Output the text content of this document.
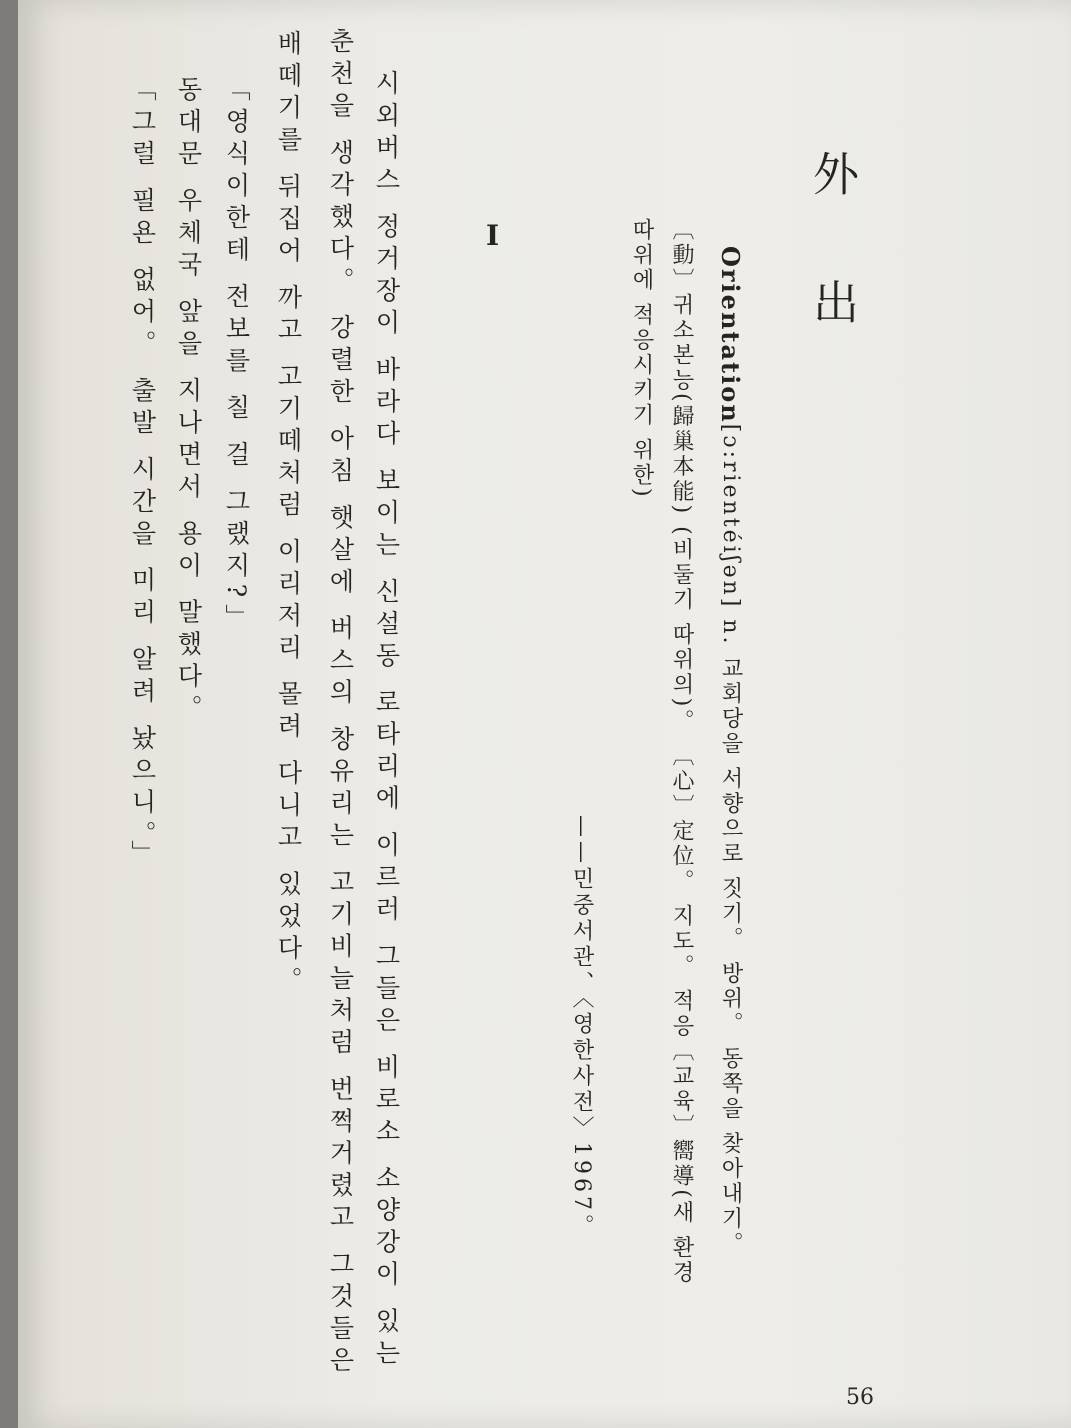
外 出
Orientation[ɔ:rientéiʃən] n. 교회당을 서향으로 짓기。 방위。 동쪽을 찾아내기。
〔動〕귀소본능(歸巢本能) (비둘기 따위의)。 〔心〕定位。 지도。 적응〔교육〕嚮導(새 환경
따위에 적응시키기 위한)
——민중서관、〈영한사전〉1967。
I
시외버스 정거장이 바라다 보이는 신설동 로타리에 이르러 그들은 비로소 소양강이 있는
춘천을 생각했다。 강렬한 아침 햇살에 버스의 창유리는 고기비늘처럼 번쩍거렸고 그것들은
배떼기를 뒤집어 까고 고기떼처럼 이리저리 몰려 다니고 있었다。
「영식이한테 전보를 칠 걸 그랬지?」
동대문 우체국 앞을 지나면서 용이 말했다。
「그럴 필욘 없어。 출발 시간을 미리 알려 놨으니。」
56
